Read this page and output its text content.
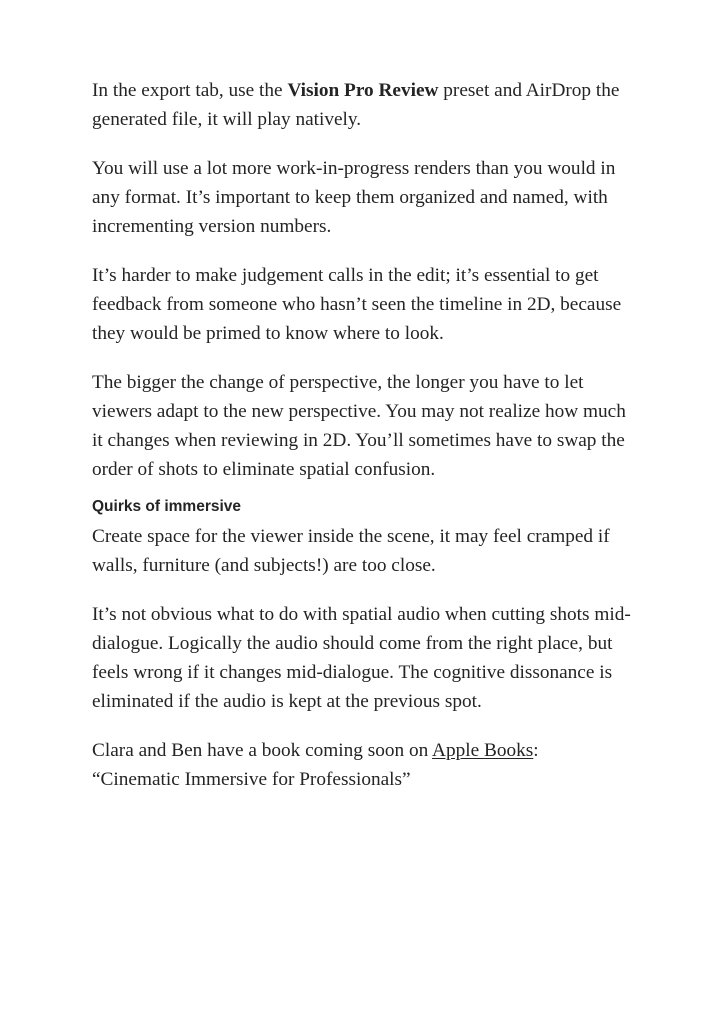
In the export tab, use the Vision Pro Review preset and AirDrop the generated file, it will play natively.

You will use a lot more work-in-progress renders than you would in any format. It’s important to keep them organized and named, with incrementing version numbers.

It’s harder to make judgement calls in the edit; it’s essential to get feedback from someone who hasn’t seen the timeline in 2D, because they would be primed to know where to look.

The bigger the change of perspective, the longer you have to let viewers adapt to the new perspective. You may not realize how much it changes when reviewing in 2D. You’ll sometimes have to swap the order of shots to eliminate spatial confusion.

Quirks of immersive

Create space for the viewer inside the scene, it may feel cramped if walls, furniture (and subjects!) are too close.

It’s not obvious what to do with spatial audio when cutting shots mid-dialogue. Logically the audio should come from the right place, but feels wrong if it changes mid-dialogue. The cognitive dissonance is eliminated if the audio is kept at the previous spot.

Clara and Ben have a book coming soon on Apple Books:
“Cinematic Immersive for Professionals”
